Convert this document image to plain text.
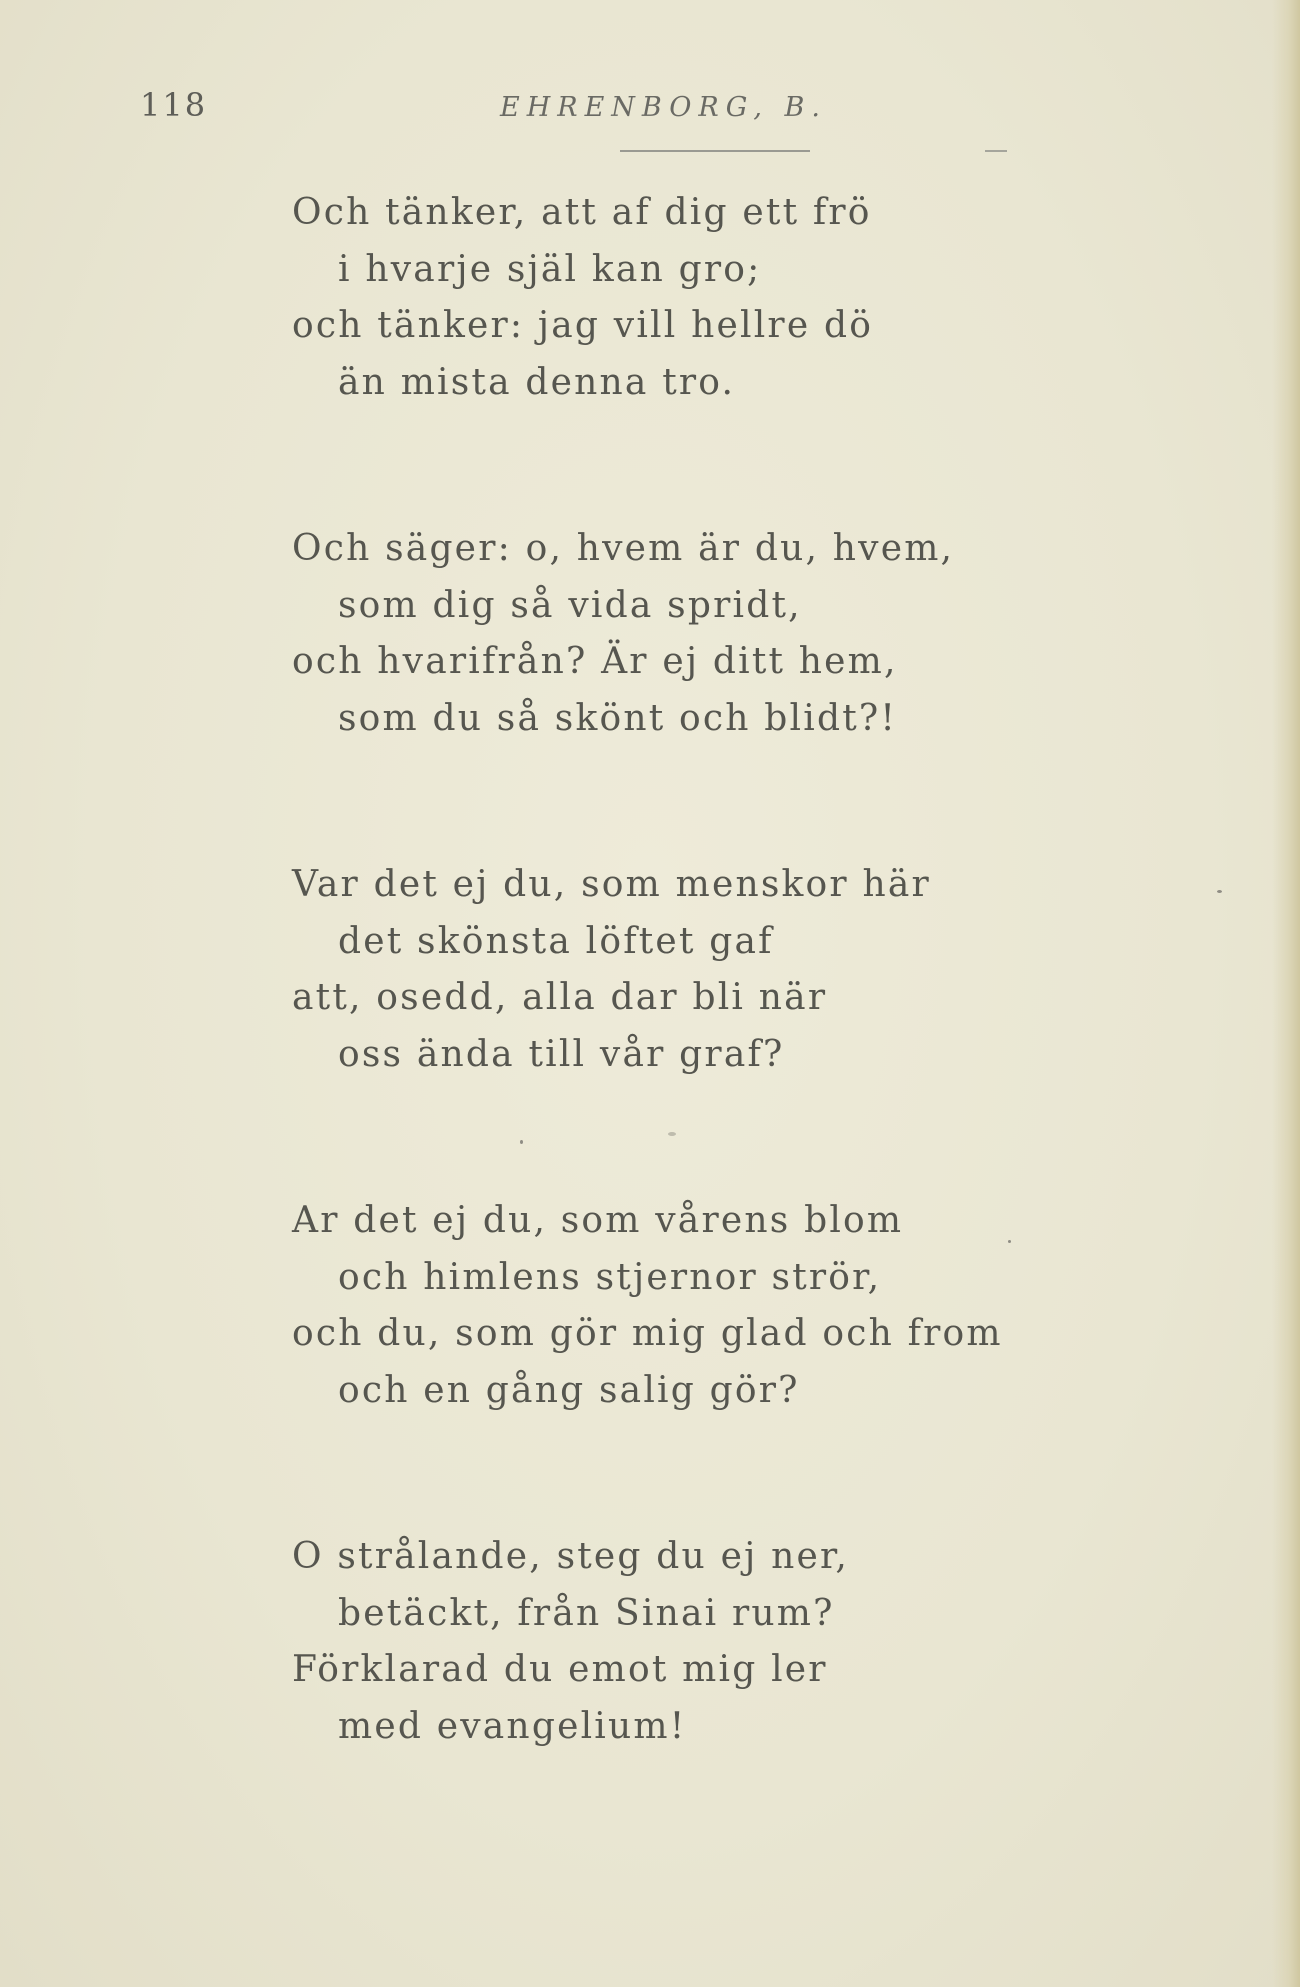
118	EHRENBORG, B.
Och tänker, att af dig ett frö
i hvarje själ kan gro;
och tänker: jag vill hellre dö
än mista denna tro.
Och säger: o, hvem är du, hvem,
som dig så vida spridt,
och hvarifrån? Är ej ditt hem,
som du så skönt och blidt?!
Var det ej du, som menskor här
det skönsta löftet gaf
att, osedd, alla dar bli när
oss ända till vår graf?
Ar det ej du, som vårens blom
och himlens stjernor strör,
och du, som gör mig glad och from
och en gång salig gör?
O strålande, steg du ej ner,
betäckt, från Sinai rum?
Förklarad du emot mig ler
med evangelium!
